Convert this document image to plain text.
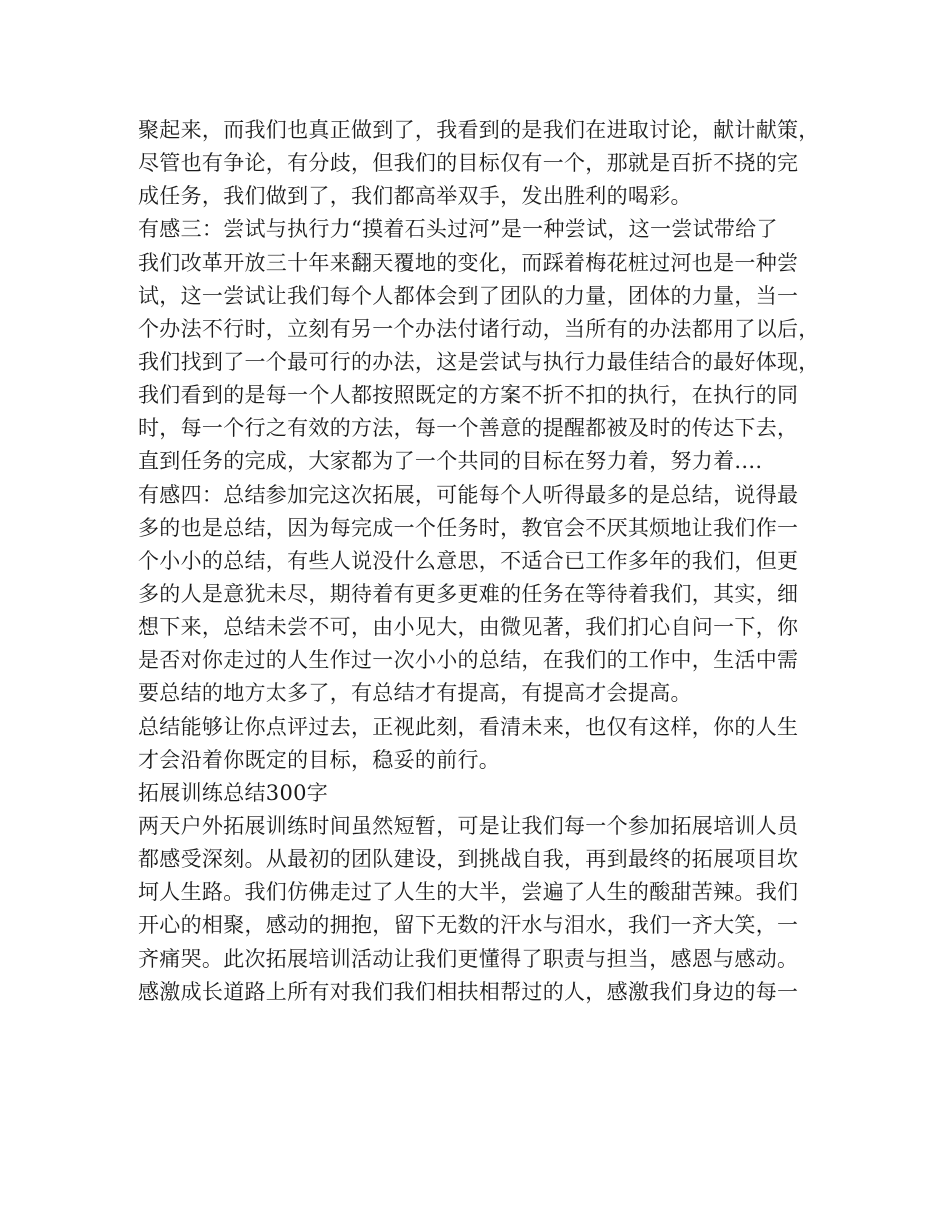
聚起来，而我们也真正做到了，我看到的是我们在进取讨论，献计献策，
尽管也有争论，有分歧，但我们的目标仅有一个，那就是百折不挠的完
成任务，我们做到了，我们都高举双手，发出胜利的喝彩。
有感三：尝试与执行力“摸着石头过河”是一种尝试，这一尝试带给了
我们改革开放三十年来翻天覆地的变化，而踩着梅花桩过河也是一种尝
试，这一尝试让我们每个人都体会到了团队的力量，团体的力量，当一
个办法不行时，立刻有另一个办法付诸行动，当所有的办法都用了以后，
我们找到了一个最可行的办法，这是尝试与执行力最佳结合的最好体现，
我们看到的是每一个人都按照既定的方案不折不扣的执行，在执行的同
时，每一个行之有效的方法，每一个善意的提醒都被及时的传达下去，
直到任务的完成，大家都为了一个共同的目标在努力着，努力着....
有感四：总结参加完这次拓展，可能每个人听得最多的是总结，说得最
多的也是总结，因为每完成一个任务时，教官会不厌其烦地让我们作一
个小小的总结，有些人说没什么意思，不适合已工作多年的我们，但更
多的人是意犹未尽，期待着有更多更难的任务在等待着我们，其实，细
想下来，总结未尝不可，由小见大，由微见著，我们扪心自问一下，你
是否对你走过的人生作过一次小小的总结，在我们的工作中，生活中需
要总结的地方太多了，有总结才有提高，有提高才会提高。
总结能够让你点评过去，正视此刻，看清未来，也仅有这样，你的人生
才会沿着你既定的目标，稳妥的前行。
拓展训练总结300字
两天户外拓展训练时间虽然短暂，可是让我们每一个参加拓展培训人员
都感受深刻。从最初的团队建设，到挑战自我，再到最终的拓展项目坎
坷人生路。我们仿佛走过了人生的大半，尝遍了人生的酸甜苦辣。我们
开心的相聚，感动的拥抱，留下无数的汗水与泪水，我们一齐大笑，一
齐痛哭。此次拓展培训活动让我们更懂得了职责与担当，感恩与感动。
感激成长道路上所有对我们我们相扶相帮过的人，感激我们身边的每一
